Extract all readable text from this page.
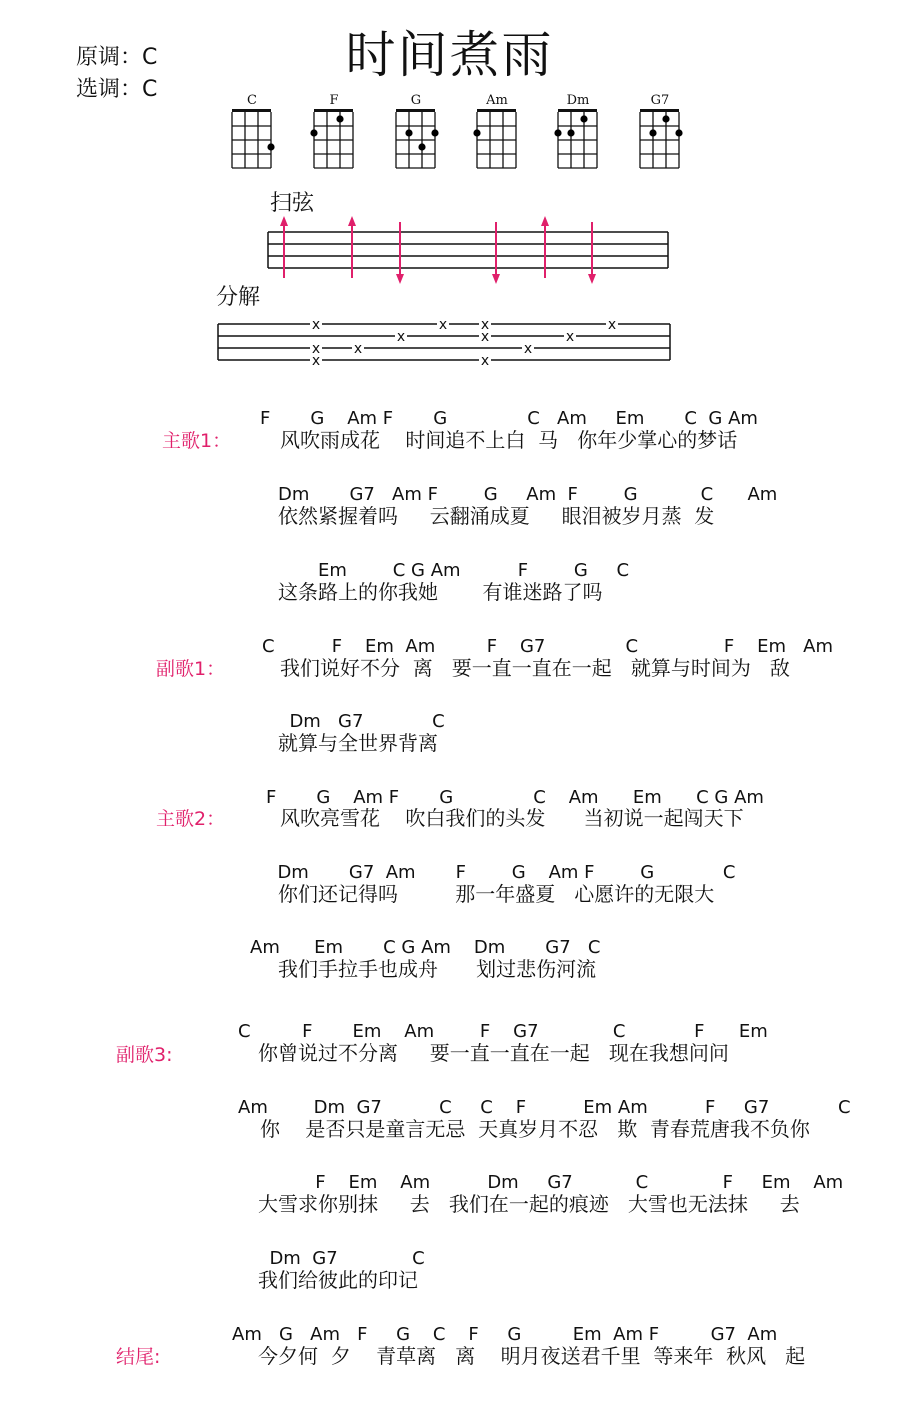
原调：C
选调：C
时间煮雨
C	F	G	Am	Dm	G7
扫弦
分解
x
x
x
x x
x
x
x
x
x
x
x
主歌1：
F       G    Am F       G              C   Am     Em       C  G Am
风吹雨成花    时间追不上白  马   你年少掌心的梦话
Dm       G7   Am F        G     Am  F        G           C      Am
依然紧握着吗     云翻涌成夏     眼泪被岁月蒸  发
Em        C G Am          F        G     C
这条路上的你我她       有谁迷路了吗
副歌1：
C          F    Em  Am         F    G7              C               F    Em   Am
我们说好不分  离   要一直一直在一起   就算与时间为   敌
Dm   G7            C
就算与全世界背离
主歌2：
F       G    Am F       G              C    Am      Em      C G Am
风吹亮雪花    吹白我们的头发      当初说一起闯天下
Dm       G7  Am       F        G    Am F        G            C
你们还记得吗         那一年盛夏   心愿许的无限大
Am      Em       C G Am    Dm       G7   C
我们手拉手也成舟      划过悲伤河流
副歌3:
C         F       Em    Am        F    G7             C            F      Em
你曾说过不分离     要一直一直在一起   现在我想问问
Am        Dm  G7          C     C    F          Em Am          F     G7            C
你    是否只是童言无忌  天真岁月不忍   欺  青春荒唐我不负你
F    Em    Am          Dm     G7           C             F     Em    Am
大雪求你别抹     去   我们在一起的痕迹   大雪也无法抹     去
Dm  G7             C
我们给彼此的印记
结尾:
Am   G   Am   F     G    C    F     G         Em  Am F         G7  Am
今夕何  夕    青草离   离    明月夜送君千里  等来年  秋风   起
